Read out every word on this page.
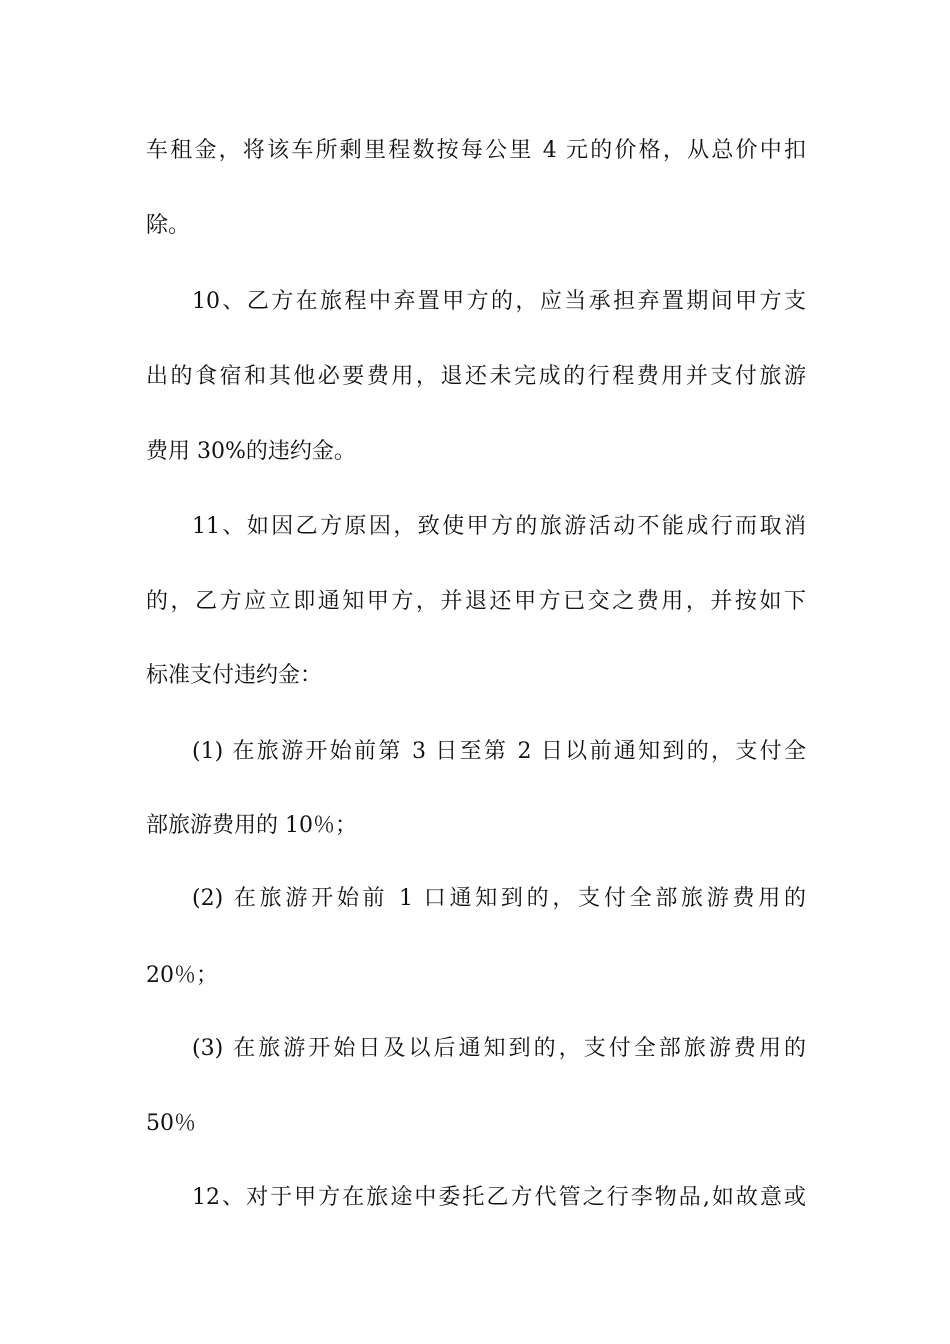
车租金，将该车所剩里程数按每公里 4 元的价格，从总价中扣
除。
10、乙方在旅程中弃置甲方的，应当承担弃置期间甲方支
出的食宿和其他必要费用，退还未完成的行程费用并支付旅游
费用 30%的违约金。
11、如因乙方原因，致使甲方的旅游活动不能成行而取消
的，乙方应立即通知甲方，并退还甲方已交之费用，并按如下
标准支付违约金：
(1) 在旅游开始前第 3 日至第 2 日以前通知到的，支付全
部旅游费用的 10％；
(2) 在旅游开始前 1 口通知到的，支付全部旅游费用的
20％；
(3) 在旅游开始日及以后通知到的，支付全部旅游费用的
50％
12、对于甲方在旅途中委托乙方代管之行李物品,如故意或
